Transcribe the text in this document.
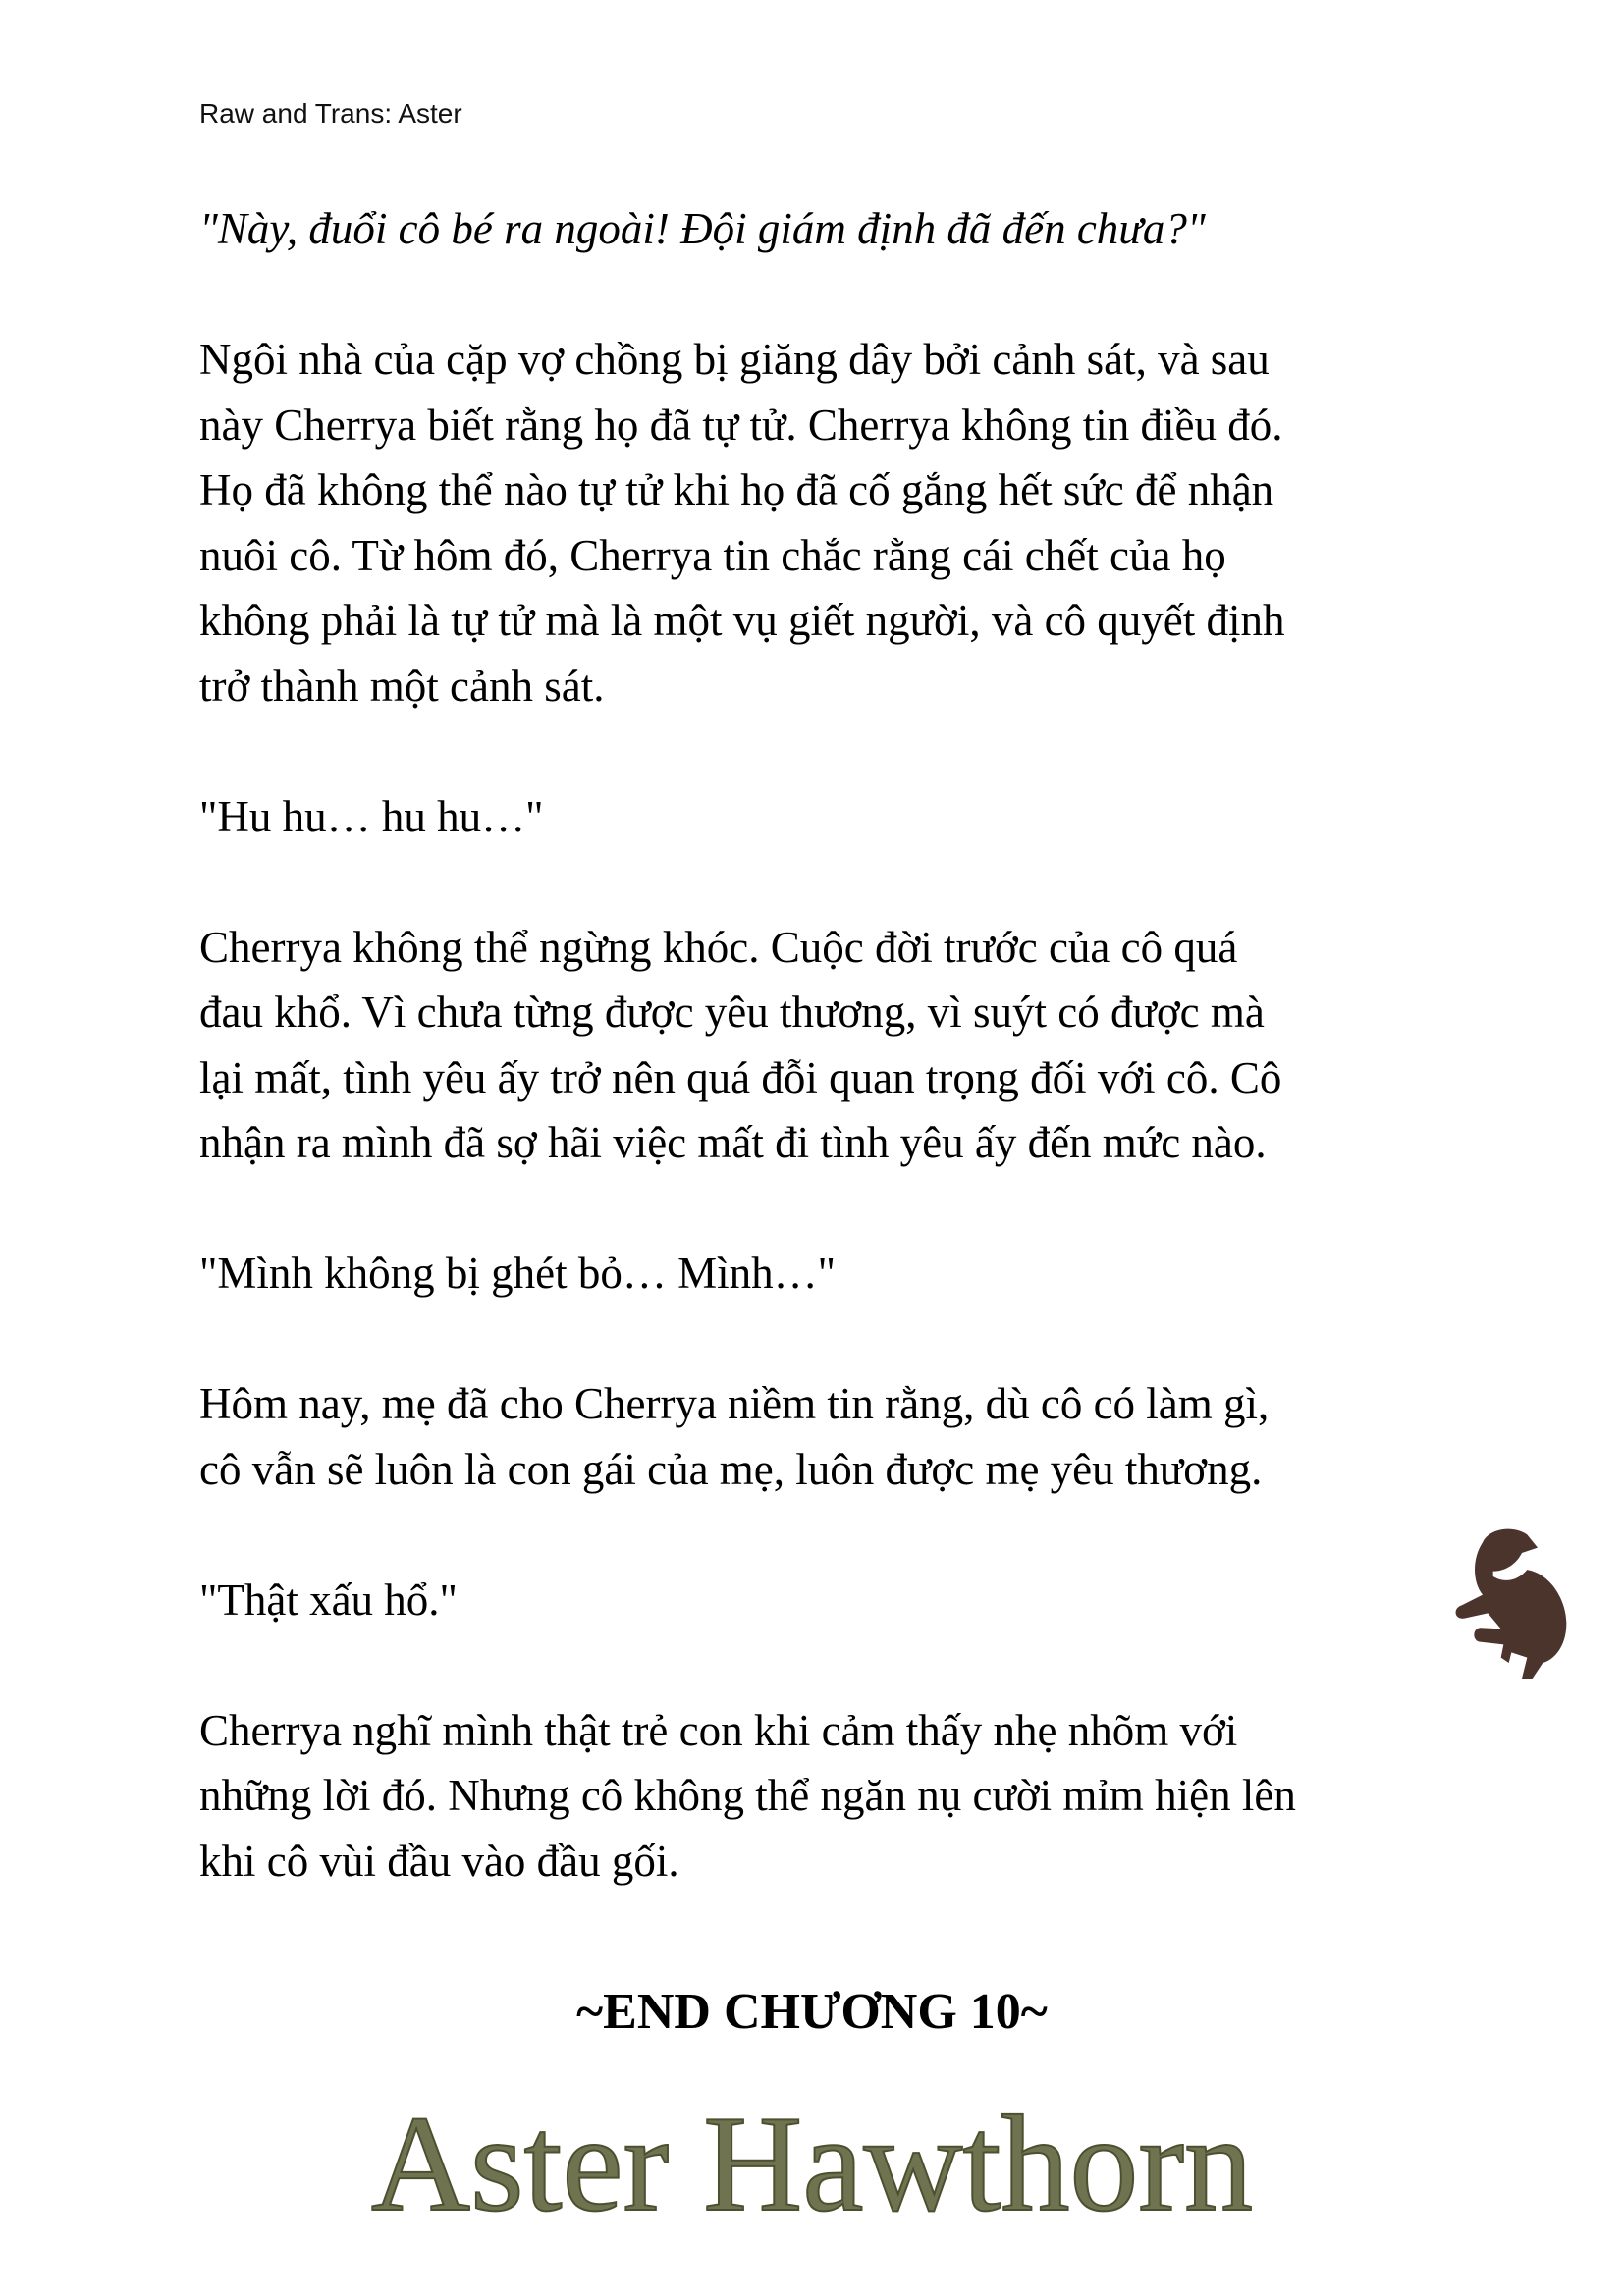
Raw and Trans: Aster
"Này, đuổi cô bé ra ngoài! Đội giám định đã đến chưa?"
Ngôi nhà của cặp vợ chồng bị giăng dây bởi cảnh sát, và sau
này Cherrya biết rằng họ đã tự tử. Cherrya không tin điều đó.
Họ đã không thể nào tự tử khi họ đã cố gắng hết sức để nhận
nuôi cô. Từ hôm đó, Cherrya tin chắc rằng cái chết của họ
không phải là tự tử mà là một vụ giết người, và cô quyết định
trở thành một cảnh sát.
"Hu hu… hu hu…"
Cherrya không thể ngừng khóc. Cuộc đời trước của cô quá
đau khổ. Vì chưa từng được yêu thương, vì suýt có được mà
lại mất, tình yêu ấy trở nên quá đỗi quan trọng đối với cô. Cô
nhận ra mình đã sợ hãi việc mất đi tình yêu ấy đến mức nào.
"Mình không bị ghét bỏ… Mình…"
Hôm nay, mẹ đã cho Cherrya niềm tin rằng, dù cô có làm gì,
cô vẫn sẽ luôn là con gái của mẹ, luôn được mẹ yêu thương.
"Thật xấu hổ."
Cherrya nghĩ mình thật trẻ con khi cảm thấy nhẹ nhõm với
những lời đó. Nhưng cô không thể ngăn nụ cười mỉm hiện lên
khi cô vùi đầu vào đầu gối.
~END CHƯƠNG 10~
Aster Hawthorn
